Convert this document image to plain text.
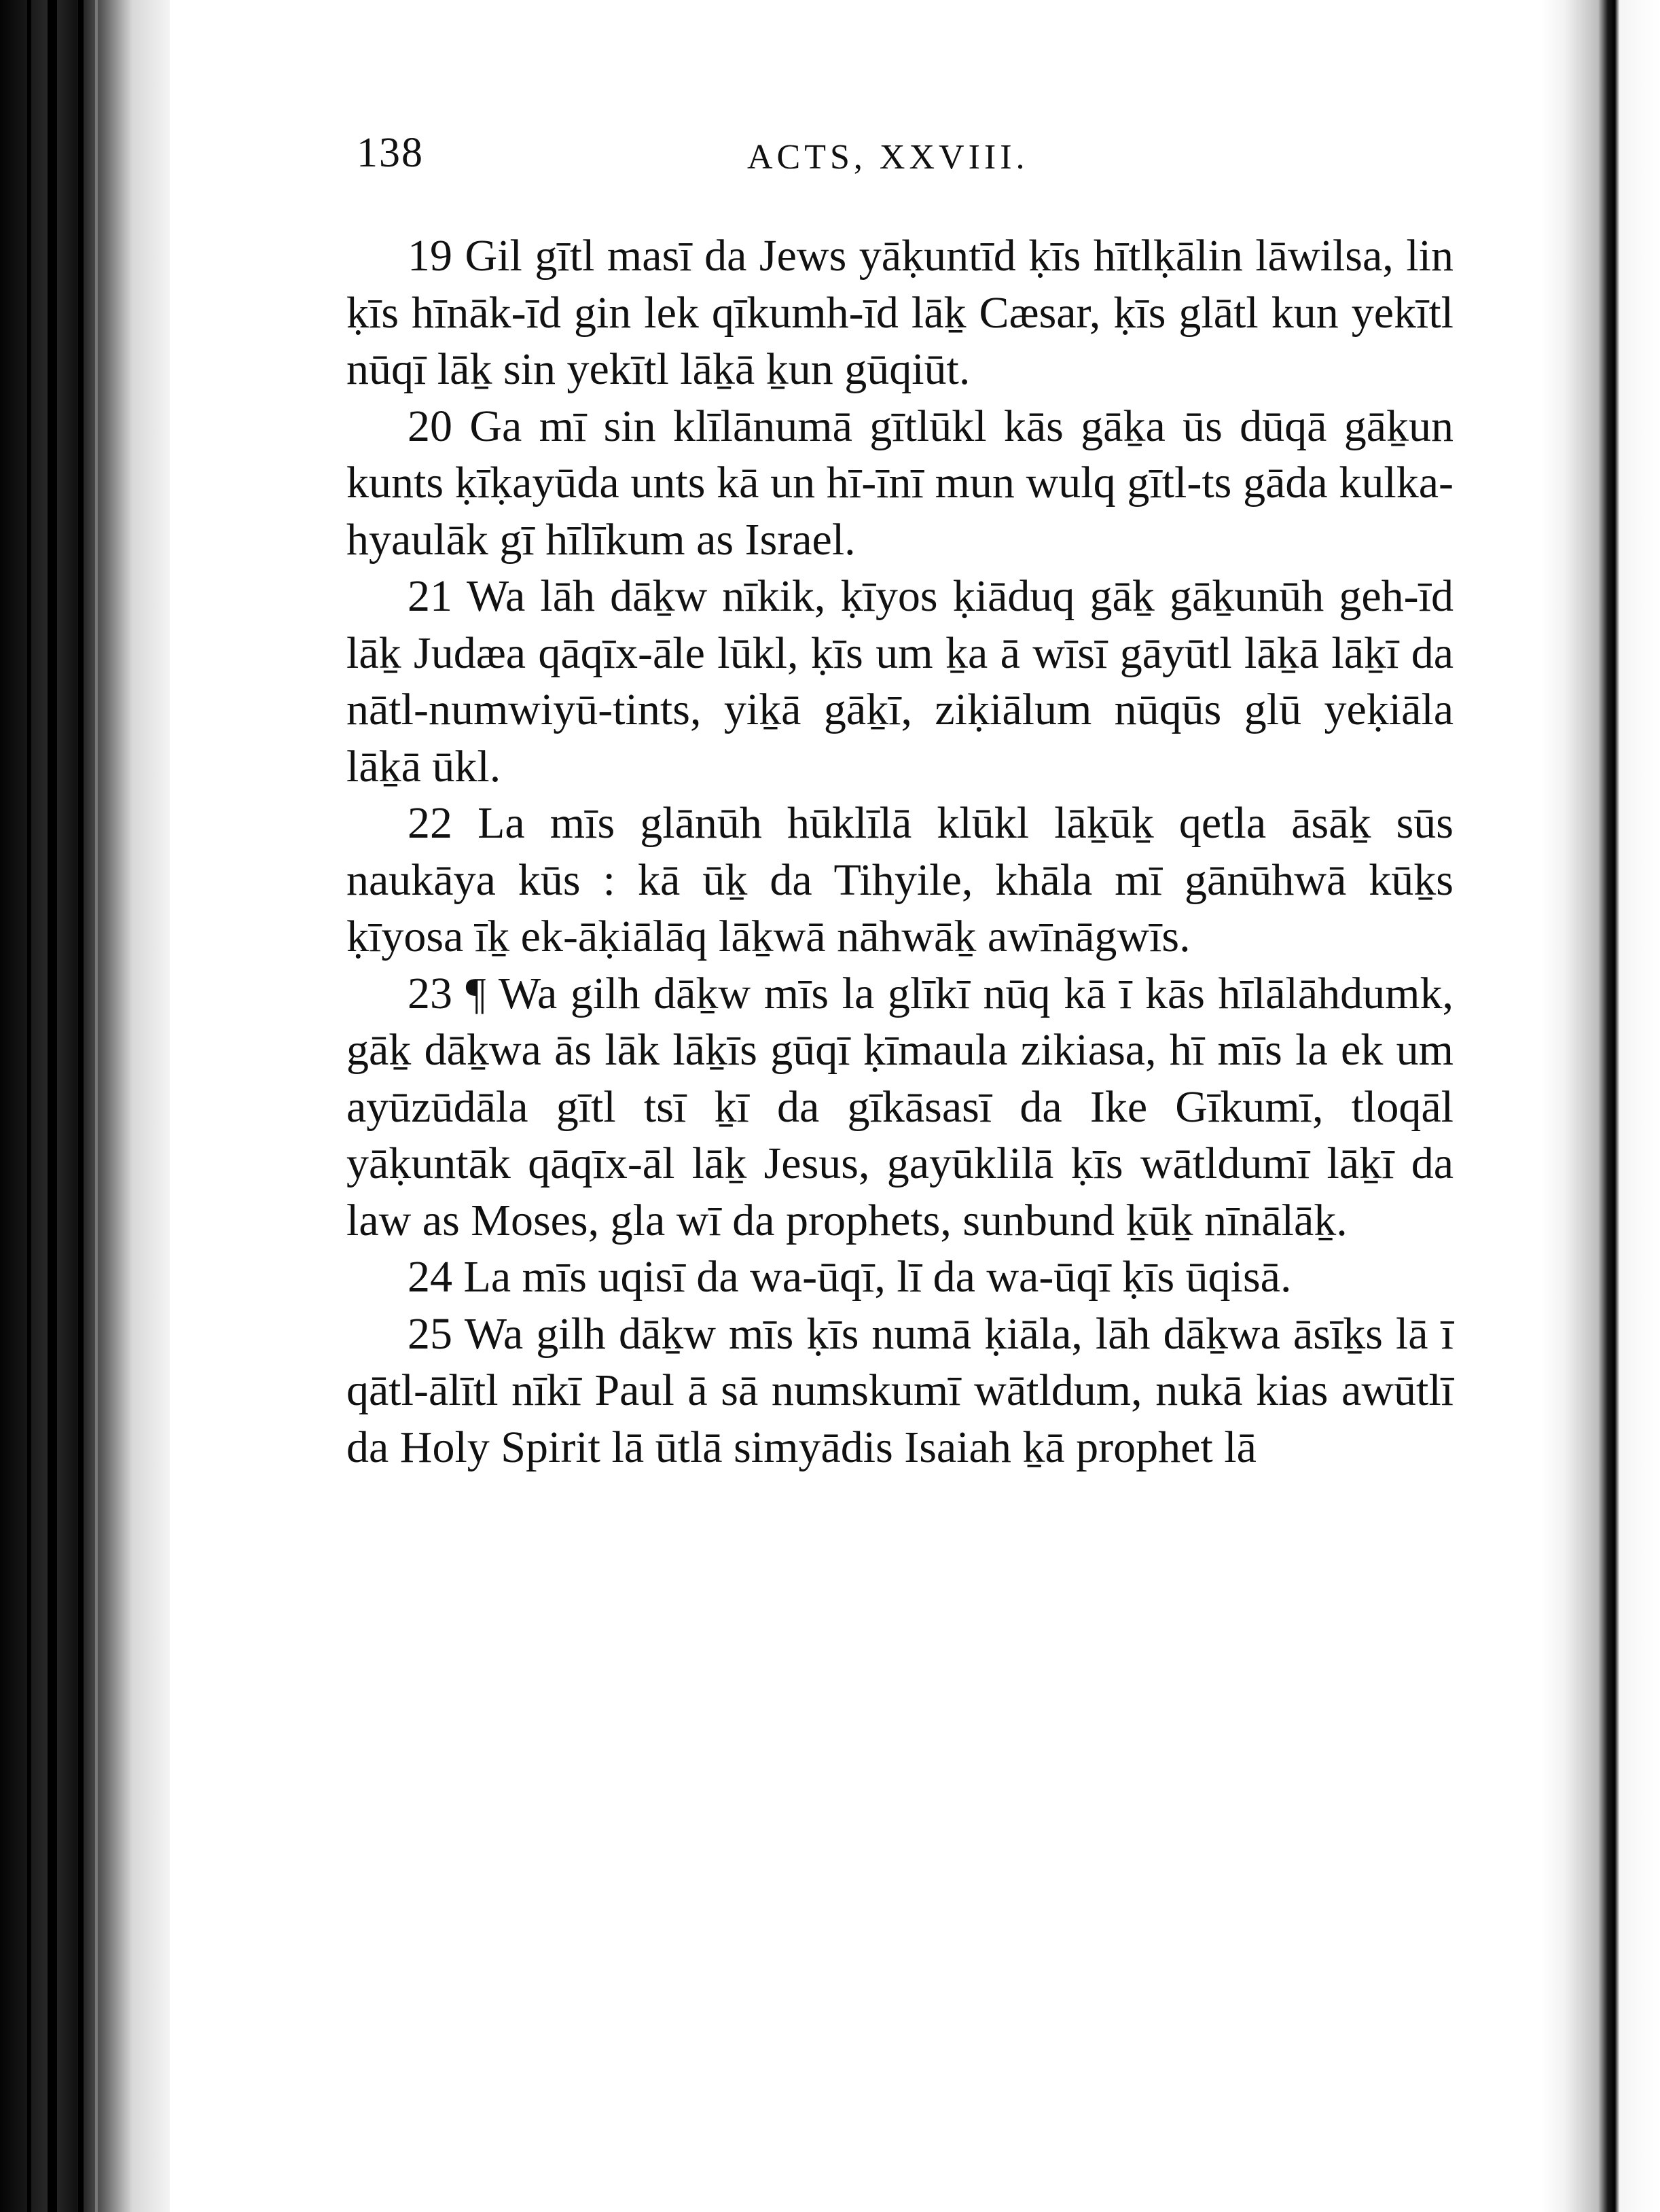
138	ACTS, XXVIII.

19 Gil gītl masī da Jews yāḳuntīd ḳīs hītlḳālin lāwilsa, lin ḳīs hīnāk-īd gin lek qīkumh-īd lāḵ Cæsar, ḳīs glātl kun yekītl nūqī lāḵ sin yekītl lāḵā ḵun gūqiūt.

20 Ga mī sin klīlānumā gītlūkl kās gāḵa ūs dūqā gāḵun kunts ḳīḳayūda unts kā un hī-īnī mun wulq gītl-ts gāda kulka-hyaulāk gī hīlīkum as Israel.

21 Wa lāh dāḵw nīkik, ḳīyos ḳiāduq gāḵ gāḵunūh geh-īd lāḵ Judæa qāqīx-āle lūkl, ḳīs um ḵa ā wīsī gāyūtl lāḵā lāḵī da nātl-numwiyū-tints, yiḵā gāḵī, ziḳiālum nūqūs glū yeḳiāla lāḵā ūkl.

22 La mīs glānūh hūklīlā klūkl lāḵūḵ qetla āsāḵ sūs naukāya kūs : kā ūḵ da Tihyile, khāla mī gānūhwā kūḵs ḳīyosa īḵ ek-āḳiālāq lāḵwā nāhwāḵ awīnāgwīs.

23 ¶ Wa gilh dāḵw mīs la glīkī nūq kā ī kās hīlālāhdumk, gāḵ dāḵwa ās lāk lāḵīs gūqī ḳīmaula zikiasa, hī mīs la ek um ayūzūdāla gītl tsī ḵī da gīkāsasī da Ike Gīkumī, tloqāl yāḳuntāk qāqīx-āl lāḵ Jesus, gayūklilā ḳīs wātldumī lāḵī da law as Moses, gla wī da prophets, sunbund ḵūḵ nīnālāḵ.

24 La mīs uqisī da wa-ūqī, lī da wa-ūqī ḳīs ūqisā.

25 Wa gilh dāḵw mīs ḳīs numā ḳiāla, lāh dāḵwa āsīḵs lā ī qātl-ālītl nīkī Paul ā sā numskumī wātldum, nukā kias awūtlī da Holy Spirit lā ūtlā simyādis Isaiah ḵā prophet lā
